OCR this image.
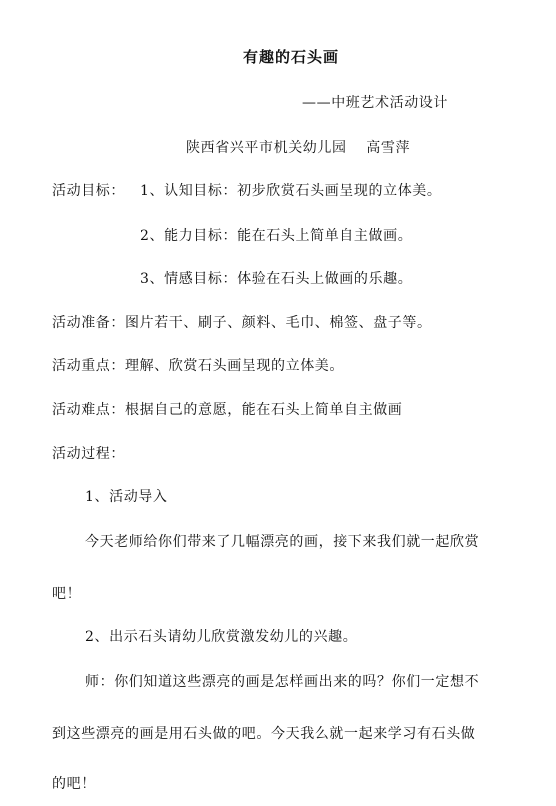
有趣的石头画
——中班艺术活动设计
陕西省兴平市机关幼儿园　 高雪萍
活动目标： 1、认知目标：初步欣赏石头画呈现的立体美。
2、能力目标：能在石头上简单自主做画。
3、情感目标：体验在石头上做画的乐趣。
活动准备：图片若干、刷子、颜料、毛巾、棉签、盘子等。
活动重点：理解、欣赏石头画呈现的立体美。
活动难点：根据自己的意愿，能在石头上简单自主做画
活动过程：
1、活动导入
今天老师给你们带来了几幅漂亮的画，接下来我们就一起欣赏
吧！
2、出示石头请幼儿欣赏激发幼儿的兴趣。
师：你们知道这些漂亮的画是怎样画出来的吗？你们一定想不
到这些漂亮的画是用石头做的吧。今天我么就一起来学习有石头做
的吧！
